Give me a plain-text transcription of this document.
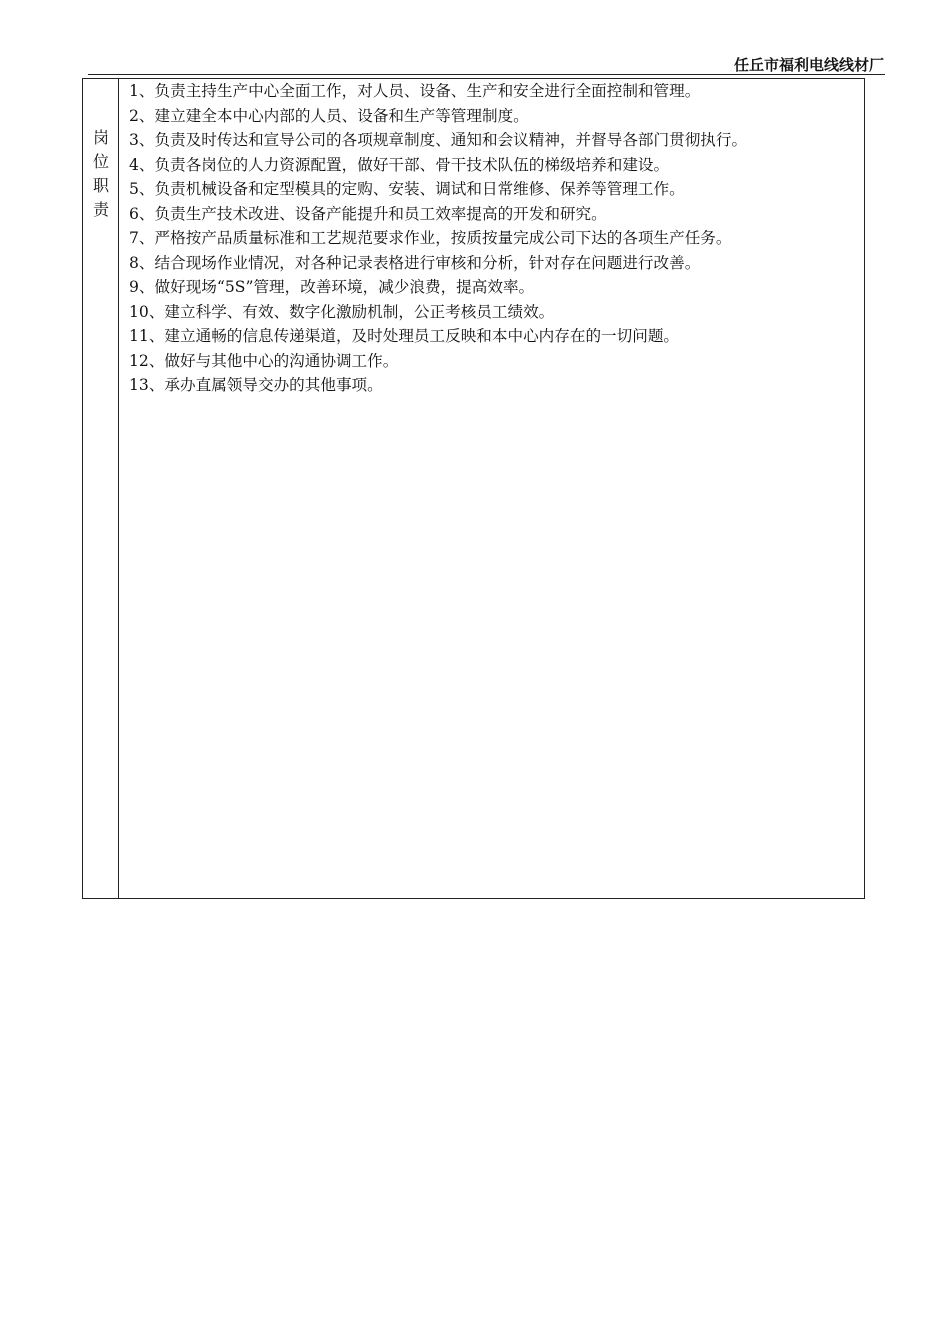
任丘市福利电线线材厂
岗
位
职
责
1、负责主持生产中心全面工作，对人员、设备、生产和安全进行全面控制和管理。
2、建立建全本中心内部的人员、设备和生产等管理制度。
3、负责及时传达和宣导公司的各项规章制度、通知和会议精神，并督导各部门贯彻执行。
4、负责各岗位的人力资源配置，做好干部、骨干技术队伍的梯级培养和建设。
5、负责机械设备和定型模具的定购、安装、调试和日常维修、保养等管理工作。
6、负责生产技术改进、设备产能提升和员工效率提高的开发和研究。
7、严格按产品质量标准和工艺规范要求作业，按质按量完成公司下达的各项生产任务。
8、结合现场作业情况，对各种记录表格进行审核和分析，针对存在问题进行改善。
9、做好现场“5S”管理，改善环境，减少浪费，提高效率。
10、建立科学、有效、数字化激励机制，公正考核员工绩效。
11、建立通畅的信息传递渠道，及时处理员工反映和本中心内存在的一切问题。
12、做好与其他中心的沟通协调工作。
13、承办直属领导交办的其他事项。
